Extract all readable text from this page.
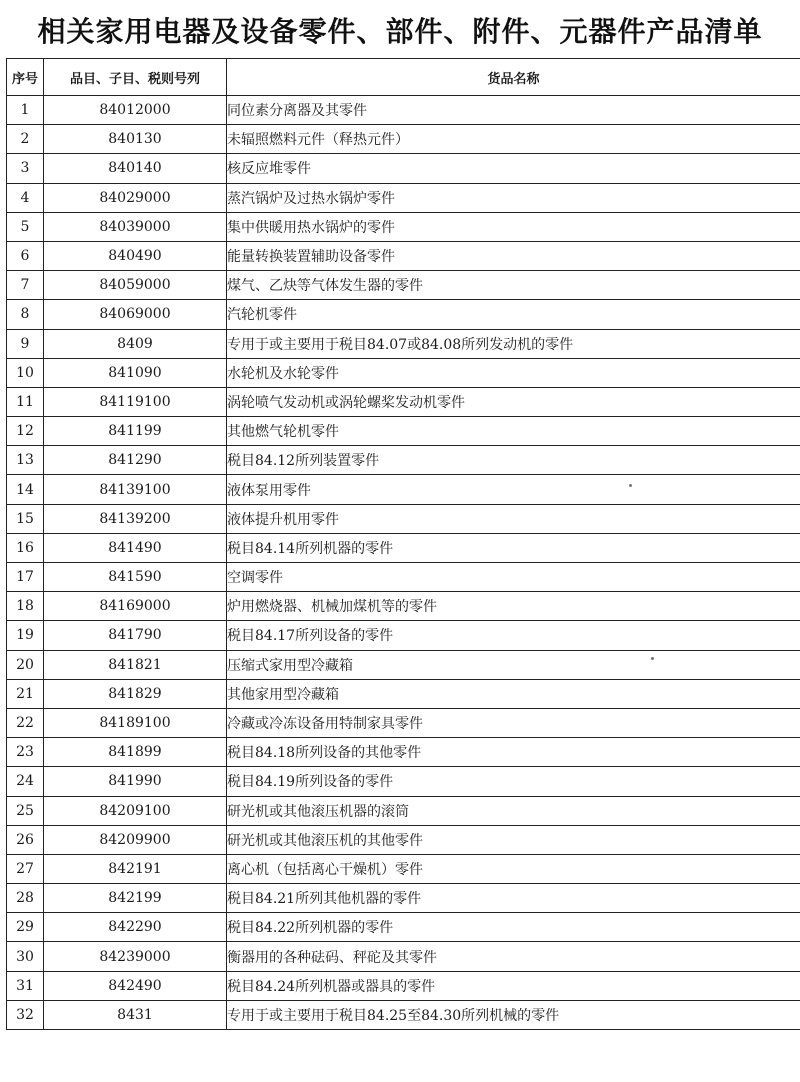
相关家用电器及设备零件、部件、附件、元器件产品清单
序号	品目、子目、税则号列	货品名称
1	84012000	同位素分离器及其零件
2	840130	未辐照燃料元件（释热元件）
3	840140	核反应堆零件
4	84029000	蒸汽锅炉及过热水锅炉零件
5	84039000	集中供暖用热水锅炉的零件
6	840490	能量转换装置辅助设备零件
7	84059000	煤气、乙炔等气体发生器的零件
8	84069000	汽轮机零件
9	8409	专用于或主要用于税目84.07或84.08所列发动机的零件
10	841090	水轮机及水轮零件
11	84119100	涡轮喷气发动机或涡轮螺桨发动机零件
12	841199	其他燃气轮机零件
13	841290	税目84.12所列装置零件
14	84139100	液体泵用零件
15	84139200	液体提升机用零件
16	841490	税目84.14所列机器的零件
17	841590	空调零件
18	84169000	炉用燃烧器、机械加煤机等的零件
19	841790	税目84.17所列设备的零件
20	841821	压缩式家用型冷藏箱
21	841829	其他家用型冷藏箱
22	84189100	冷藏或冷冻设备用特制家具零件
23	841899	税目84.18所列设备的其他零件
24	841990	税目84.19所列设备的零件
25	84209100	研光机或其他滚压机器的滚筒
26	84209900	研光机或其他滚压机的其他零件
27	842191	离心机（包括离心干燥机）零件
28	842199	税目84.21所列其他机器的零件
29	842290	税目84.22所列机器的零件
30	84239000	衡器用的各种砝码、秤砣及其零件
31	842490	税目84.24所列机器或器具的零件
32	8431	专用于或主要用于税目84.25至84.30所列机械的零件
